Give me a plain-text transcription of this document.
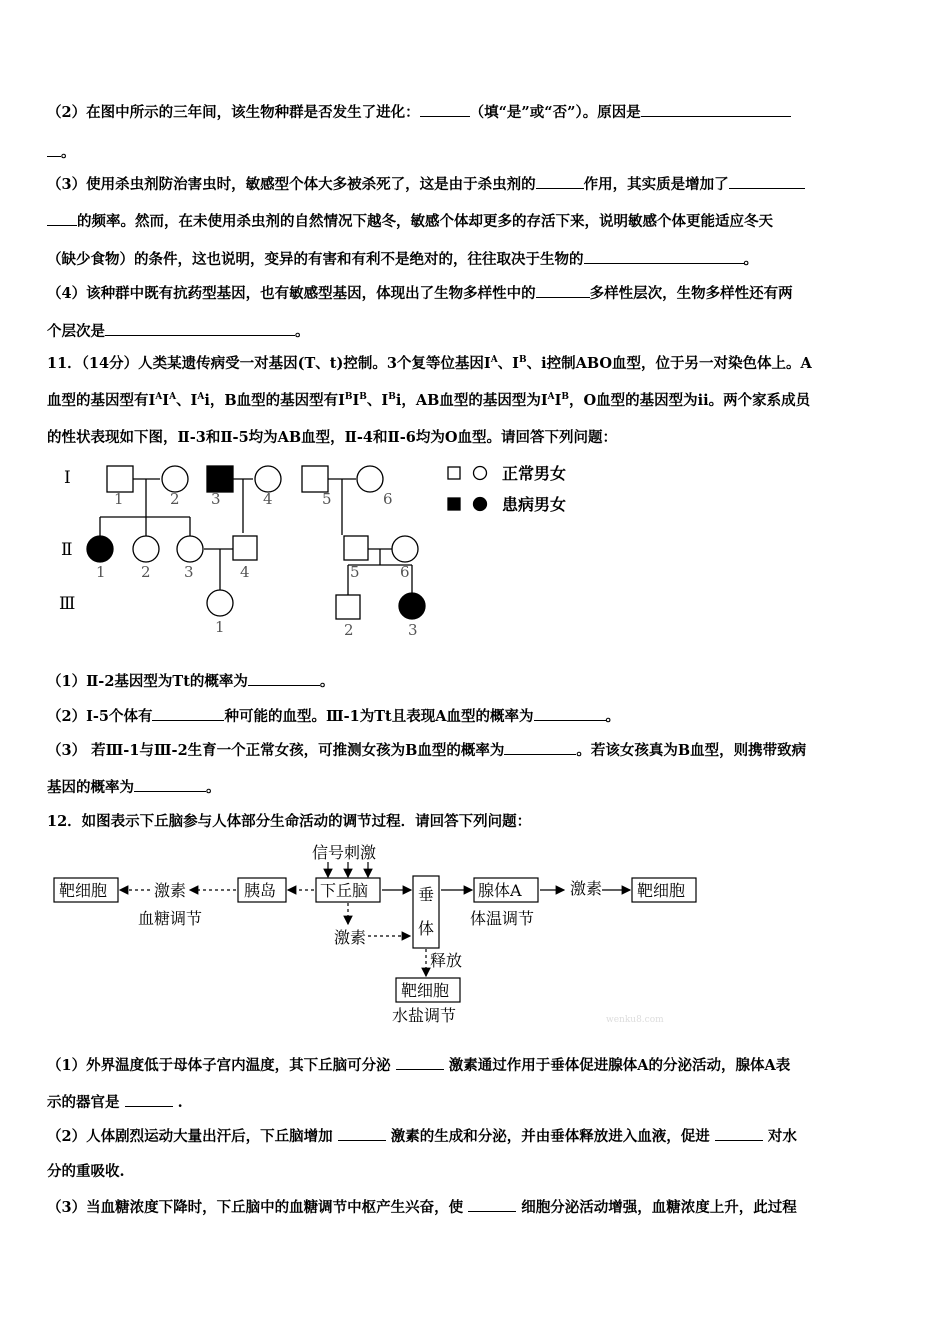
（2）在图中所示的三年间，该生物种群是否发生了进化：	（填“是”或“否”）。原因是
。
（3）使用杀虫剂防治害虫时，敏感型个体大多被杀死了，这是由于杀虫剂的	作用，其实质是增加了
的频率。然而，在未使用杀虫剂的自然情况下越冬，敏感个体却更多的存活下来，说明敏感个体更能适应冬天
（缺少食物）的条件，这也说明，变异的有害和有利不是绝对的，往往取决于生物的	。
（4）该种群中既有抗药型基因，也有敏感型基因，体现出了生物多样性中的	多样性层次，生物多样性还有两
个层次是	。
11．（14分）人类某遗传病受一对基因(T、t)控制。3个复等位基因$I^A$、$I^B$、i控制ABO血型，位于另一对染色体上。A
血型的基因型有$I^AI^A$、$I^Ai$，B血型的基因型有$I^BI^B$、$I^Bi$，AB血型的基因型为$I^AI^B$，O血型的基因型为ii。两个家系成员
的性状表现如下图，Ⅱ-3和Ⅱ-5均为AB血型，Ⅱ-4和Ⅱ-6均为O血型。请回答下列问题：
Ⅰ
Ⅱ
Ⅲ
1	2 3	4	5	6
1 2 3	4	5	6
1	2	3
正常男女
患病男女
（1）Ⅱ-2基因型为Tt的概率为	。
（2）Ⅰ-5个体有	种可能的血型。Ⅲ-1为Tt且表现A血型的概率为	。
（3） 若Ⅲ-1与Ⅲ-2生育一个正常女孩，可推测女孩为B血型的概率为	。若该女孩真为B血型，则携带致病
基因的概率为	。
12．如图表示下丘脑参与人体部分生命活动的调节过程．请回答下列问题：
靶细胞	激素	胰岛
信号刺激
下丘脑	垂
体
腺体A	激素 靶细胞
血糖调节	体温调节
激素
释放
靶细胞
水盐调节	wenku8.com
（1）外界温度低于母体子宫内温度，其下丘脑可分泌	激素通过作用于垂体促进腺体A的分泌活动，腺体A表
示的器官是	.
（2）人体剧烈运动大量出汗后，下丘脑增加	激素的生成和分泌，并由垂体释放进入血液，促进	对水
分的重吸收.
（3）当血糖浓度下降时，下丘脑中的血糖调节中枢产生兴奋，使	细胞分泌活动增强，血糖浓度上升，此过程
